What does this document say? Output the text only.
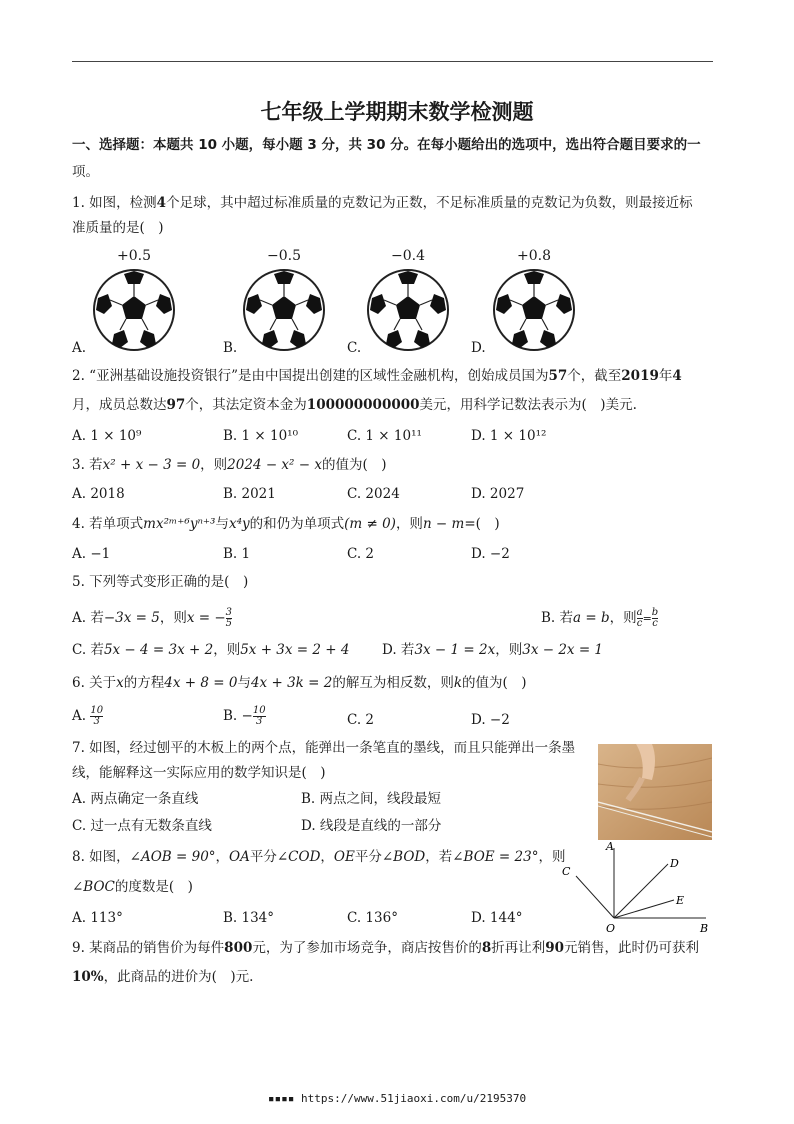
七年级上学期期末数学检测题
一、选择题：本题共 10 小题，每小题 3 分，共 30 分。在每小题给出的选项中，选出符合题目要求的一
项。
1. 如图，检测4个足球，其中超过标准质量的克数记为正数，不足标准质量的克数记为负数，则最接近标
准质量的是(　)
+0.5	−0.5	−0.4	+0.8
A.	B.	C.	D.
2. “亚洲基础设施投资银行”是由中国提出创建的区域性金融机构，创始成员国为57个，截至2019年4
月，成员总数达97个，其法定资本金为100000000000美元，用科学记数法表示为(　)美元.
A. 1 × 10⁹	B. 1 × 10¹⁰	C. 1 × 10¹¹	D. 1 × 10¹²
3. 若x² + x − 3 = 0，则2024 − x² − x的值为(　)
A. 2018	B. 2021	C. 2024	D. 2027
4. 若单项式mx²ᵐ⁺⁶yⁿ⁺³与x⁴y的和仍为单项式(m ≠ 0)，则n − m=(　)
A. −1	B. 1	C. 2	D. −2
5. 下列等式变形正确的是(　)
A. 若−3x = 5，则x = − $\frac{3}{5}$	B. 若a = b，则 $\frac{a}{c} = \frac{b}{c}$
C. 若5x − 4 = 3x + 2，则5x + 3x = 2 + 4 D. 若3x − 1 = 2x，则3x − 2x = 1
6. 关于x的方程4x + 8 = 0与4x + 3k = 2的解互为相反数，则k的值为(　)
A. $\frac{10}{3}$	B. − $\frac{10}{3}$	C. 2	D. −2
7. 如图，经过刨平的木板上的两个点，能弹出一条笔直的墨线，而且只能弹出一条墨
线，能解释这一实际应用的数学知识是(　)
A. 两点确定一条直线	B. 两点之间，线段最短
C. 过一点有无数条直线	D. 线段是直线的一部分
8. 如图，∠AOB = 90°，OA平分∠COD，OE平分∠BOD，若∠BOE = 23°，则
∠BOC的度数是(　)
A. 113°	B. 134°	C. 136°	D. 144°
A
C
D
E
O	B
9. 某商品的销售价为每件800元，为了参加市场竞争，商店按售价的8折再让利90元销售，此时仍可获利
10%，此商品的进价为(　)元.
▪▪▪▪ https://www.51jiaoxi.com/u/2195370
